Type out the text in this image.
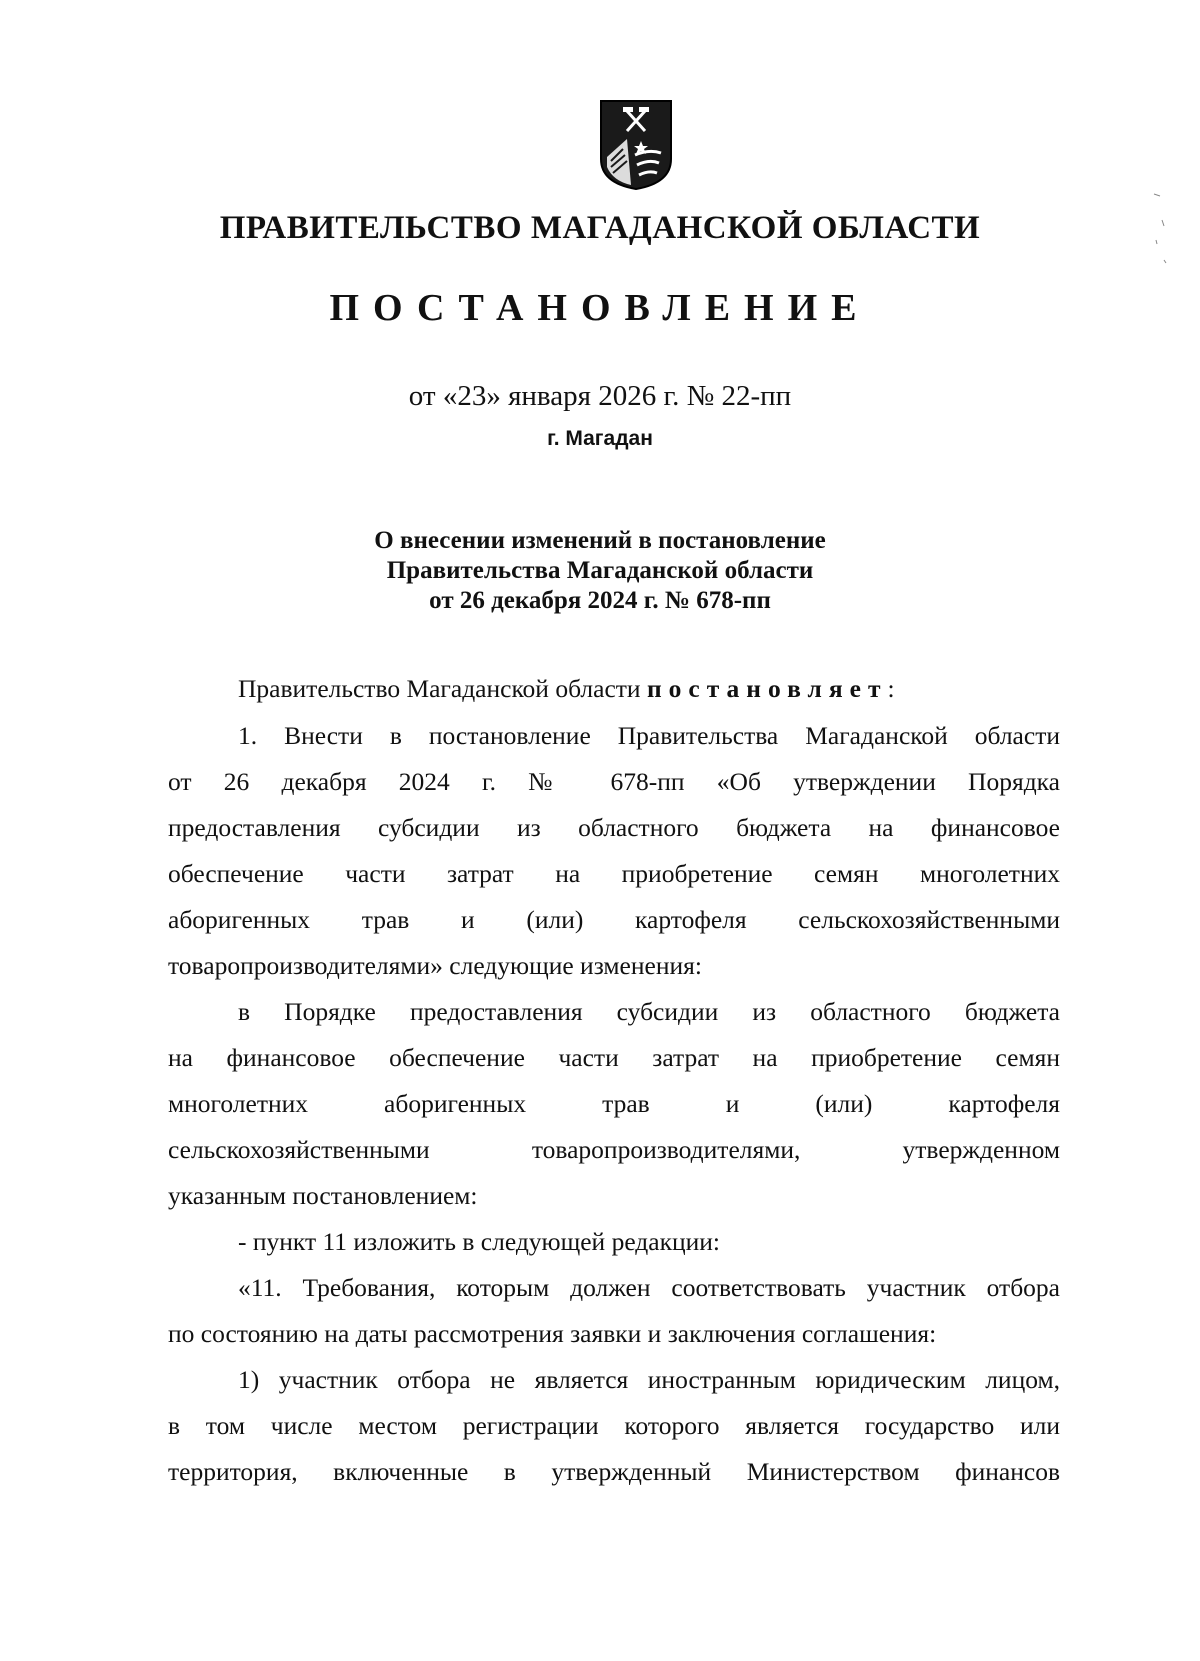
ПРАВИТЕЛЬСТВО МАГАДАНСКОЙ ОБЛАСТИ
ПОСТАНОВЛЕНИЕ
от «23» января 2026 г. № 22-пп
г. Магадан
О внесении изменений в постановление
Правительства Магаданской области
от 26 декабря 2024 г. № 678-пп
Правительство Магаданской области постановляет:
1. Внести в постановление Правительства Магаданской области
от 26 декабря 2024 г. № 678-пп «Об утверждении Порядка
предоставления субсидии из областного бюджета на финансовое
обеспечение части затрат на приобретение семян многолетних
аборигенных трав и (или) картофеля сельскохозяйственными
товаропроизводителями» следующие изменения:
в Порядке предоставления субсидии из областного бюджета
на финансовое обеспечение части затрат на приобретение семян
многолетних аборигенных трав и (или) картофеля
сельскохозяйственными товаропроизводителями, утвержденном
указанным постановлением:
- пункт 11 изложить в следующей редакции:
«11. Требования, которым должен соответствовать участник отбора
по состоянию на даты рассмотрения заявки и заключения соглашения:
1) участник отбора не является иностранным юридическим лицом,
в том числе местом регистрации которого является государство или
территория, включенные в утвержденный Министерством финансов
